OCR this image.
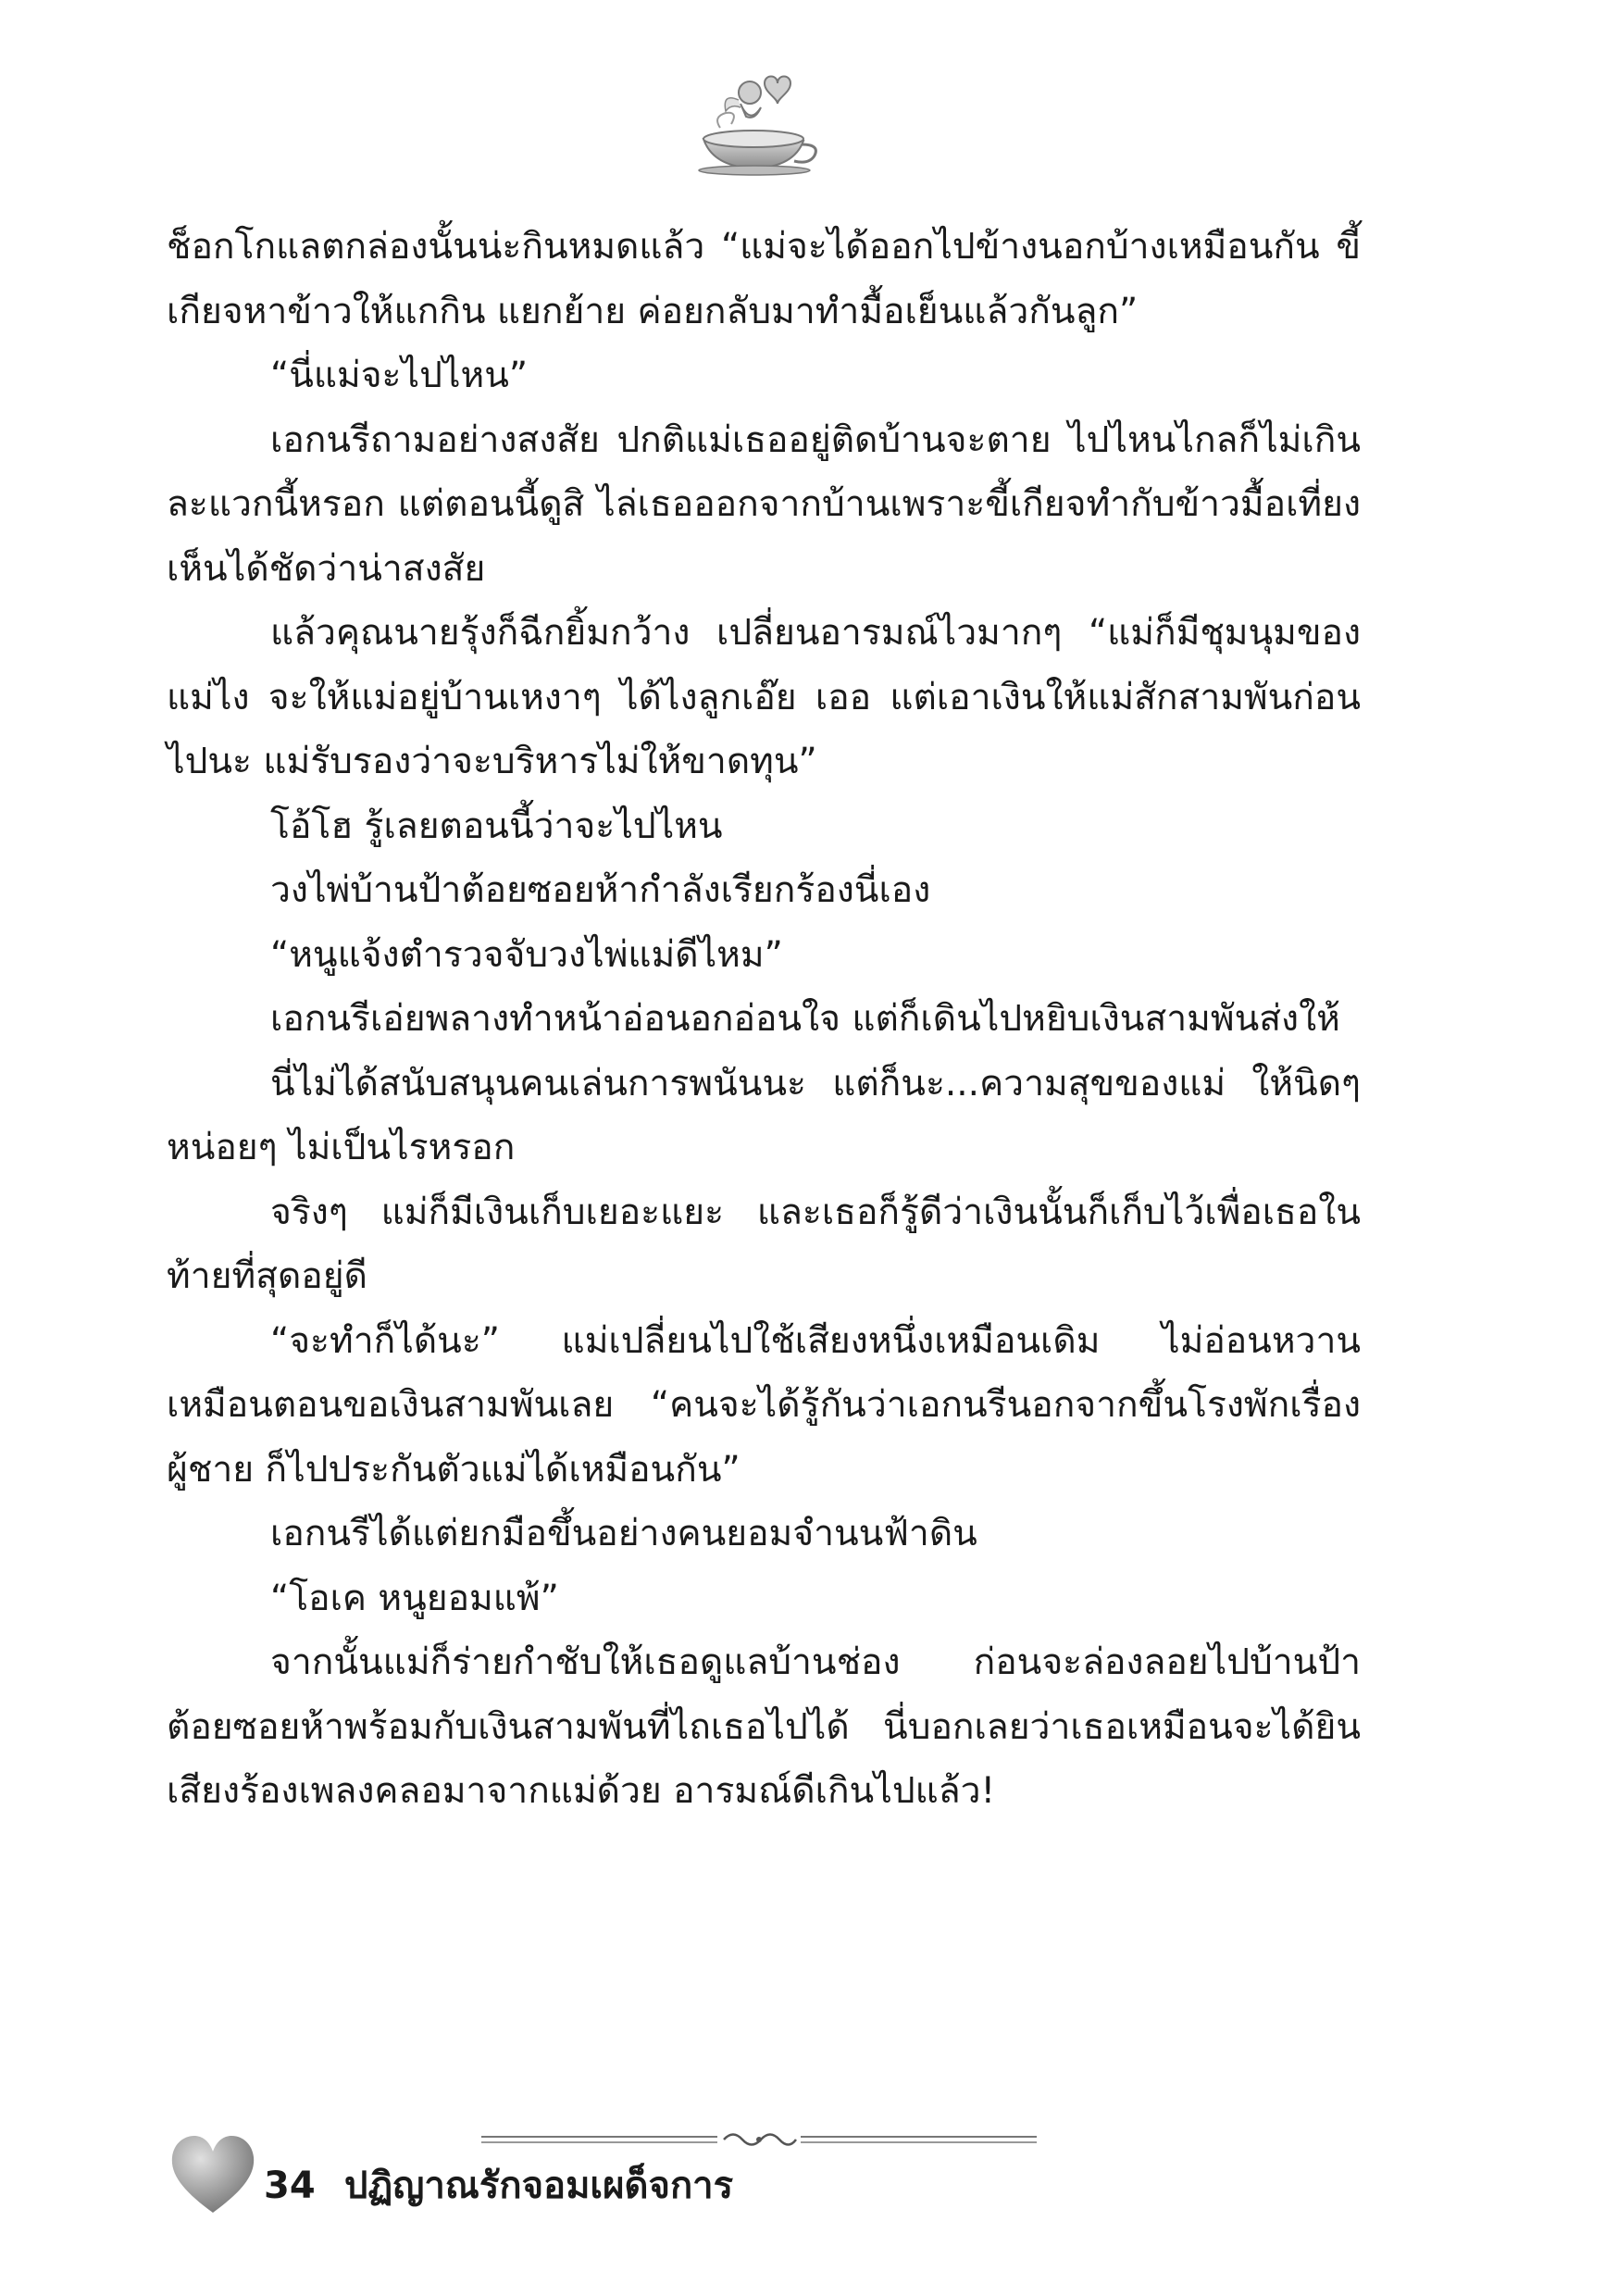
ช็อกโกแลตกล่องนั้นน่ะกินหมดแล้ว “แม่จะได้ออกไปข้างนอกบ้างเหมือนกัน ขี้เกียจหาข้าวให้แกกิน แยกย้าย ค่อยกลับมาทำมื้อเย็นแล้วกันลูก”

“นี่แม่จะไปไหน”

เอกนรีถามอย่างสงสัย ปกติแม่เธออยู่ติดบ้านจะตาย ไปไหนไกลก็ไม่เกินละแวกนี้หรอก แต่ตอนนี้ดูสิ ไล่เธอออกจากบ้านเพราะขี้เกียจทำกับข้าวมื้อเที่ยง เห็นได้ชัดว่าน่าสงสัย

แล้วคุณนายรุ้งก็ฉีกยิ้มกว้าง เปลี่ยนอารมณ์ไวมากๆ “แม่ก็มีชุมนุมของแม่ไง จะให้แม่อยู่บ้านเหงาๆ ได้ไงลูกเอ๊ย เออ แต่เอาเงินให้แม่สักสามพันก่อนไปนะ แม่รับรองว่าจะบริหารไม่ให้ขาดทุน”

โอ้โฮ รู้เลยตอนนี้ว่าจะไปไหน

วงไพ่บ้านป้าต้อยซอยห้ากำลังเรียกร้องนี่เอง

“หนูแจ้งตำรวจจับวงไพ่แม่ดีไหม”

เอกนรีเอ่ยพลางทำหน้าอ่อนอกอ่อนใจ แต่ก็เดินไปหยิบเงินสามพันส่งให้

นี่ไม่ได้สนับสนุนคนเล่นการพนันนะ แต่ก็นะ...ความสุขของแม่ ให้นิดๆ หน่อยๆ ไม่เป็นไรหรอก

จริงๆ แม่ก็มีเงินเก็บเยอะแยะ และเธอก็รู้ดีว่าเงินนั้นก็เก็บไว้เพื่อเธอในท้ายที่สุดอยู่ดี

“จะทำก็ได้นะ” แม่เปลี่ยนไปใช้เสียงหนึ่งเหมือนเดิม ไม่อ่อนหวานเหมือนตอนขอเงินสามพันเลย “คนจะได้รู้กันว่าเอกนรีนอกจากขึ้นโรงพักเรื่องผู้ชาย ก็ไปประกันตัวแม่ได้เหมือนกัน”

เอกนรีได้แต่ยกมือขึ้นอย่างคนยอมจำนนฟ้าดิน

“โอเค หนูยอมแพ้”

จากนั้นแม่ก็ร่ายกำชับให้เธอดูแลบ้านช่อง ก่อนจะล่องลอยไปบ้านป้าต้อยซอยห้าพร้อมกับเงินสามพันที่ไถเธอไปได้ นี่บอกเลยว่าเธอเหมือนจะได้ยินเสียงร้องเพลงคลอมาจากแม่ด้วย อารมณ์ดีเกินไปแล้ว!

34 ปฏิญาณรักจอมเผด็จการ
